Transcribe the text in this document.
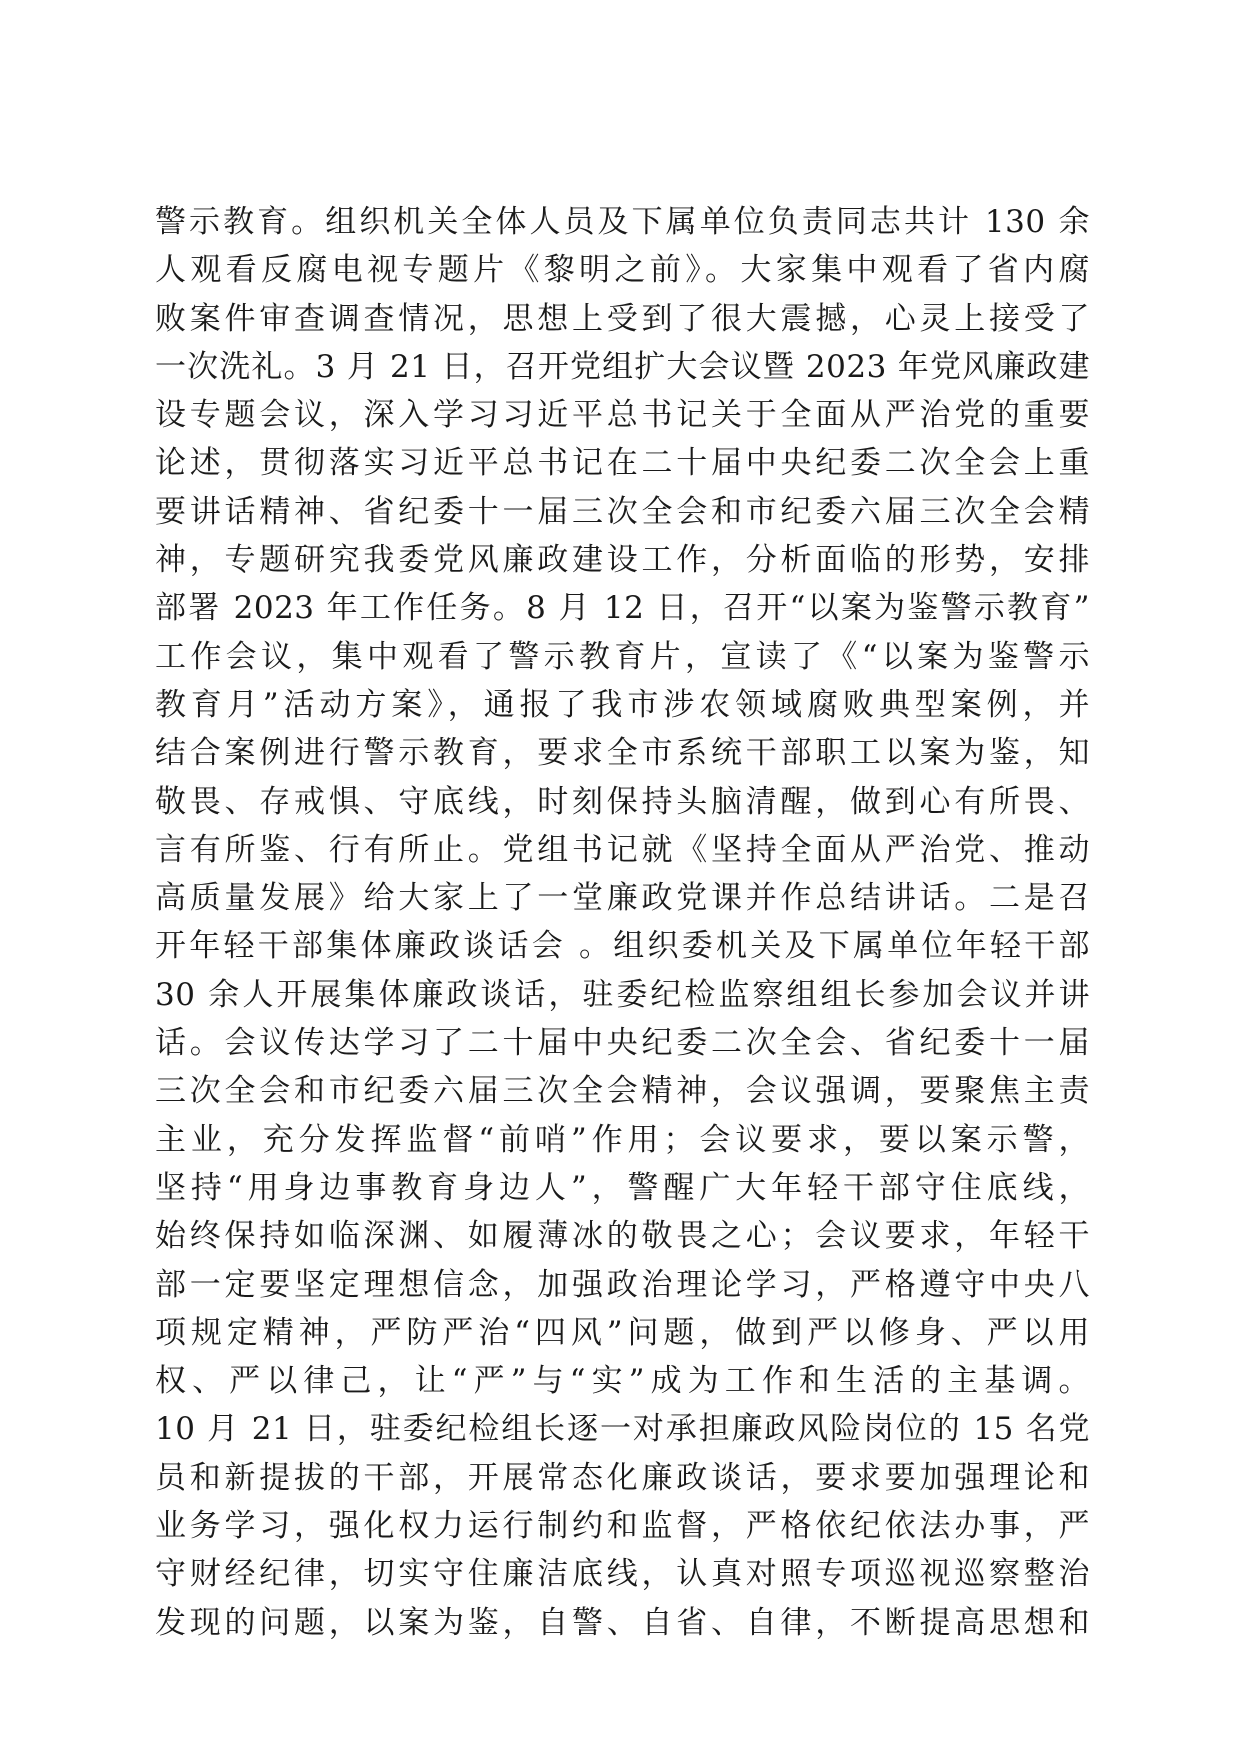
警示教育。组织机关全体人员及下属单位负责同志共计 130 余
人观看反腐电视专题片《黎明之前》。大家集中观看了省内腐
败案件审查调查情况，思想上受到了很大震撼，心灵上接受了
一次洗礼。3 月 21 日，召开党组扩大会议暨 2023 年党风廉政建
设专题会议，深入学习习近平总书记关于全面从严治党的重要
论述，贯彻落实习近平总书记在二十届中央纪委二次全会上重
要讲话精神、省纪委十一届三次全会和市纪委六届三次全会精
神，专题研究我委党风廉政建设工作，分析面临的形势，安排
部署 2023 年工作任务。8 月 12 日，召开“以案为鉴警示教育”
工作会议，集中观看了警示教育片，宣读了《“以案为鉴警示
教育月”活动方案》，通报了我市涉农领域腐败典型案例，并
结合案例进行警示教育，要求全市系统干部职工以案为鉴，知
敬畏、存戒惧、守底线，时刻保持头脑清醒，做到心有所畏、
言有所鉴、行有所止。党组书记就《坚持全面从严治党、推动
高质量发展》给大家上了一堂廉政党课并作总结讲话。二是召
开年轻干部集体廉政谈话会 。组织委机关及下属单位年轻干部
30 余人开展集体廉政谈话，驻委纪检监察组组长参加会议并讲
话。会议传达学习了二十届中央纪委二次全会、省纪委十一届
三次全会和市纪委六届三次全会精神，会议强调，要聚焦主责
主业，充分发挥监督“前哨”作用；会议要求，要以案示警，
坚持“用身边事教育身边人”，警醒广大年轻干部守住底线，
始终保持如临深渊、如履薄冰的敬畏之心；会议要求，年轻干
部一定要坚定理想信念，加强政治理论学习，严格遵守中央八
项规定精神，严防严治“四风”问题，做到严以修身、严以用
权、严以律己，让“严”与“实”成为工作和生活的主基调。
10 月 21 日，驻委纪检组长逐一对承担廉政风险岗位的 15 名党
员和新提拔的干部，开展常态化廉政谈话，要求要加强理论和
业务学习，强化权力运行制约和监督，严格依纪依法办事，严
守财经纪律，切实守住廉洁底线，认真对照专项巡视巡察整治
发现的问题，以案为鉴，自警、自省、自律，不断提高思想和
